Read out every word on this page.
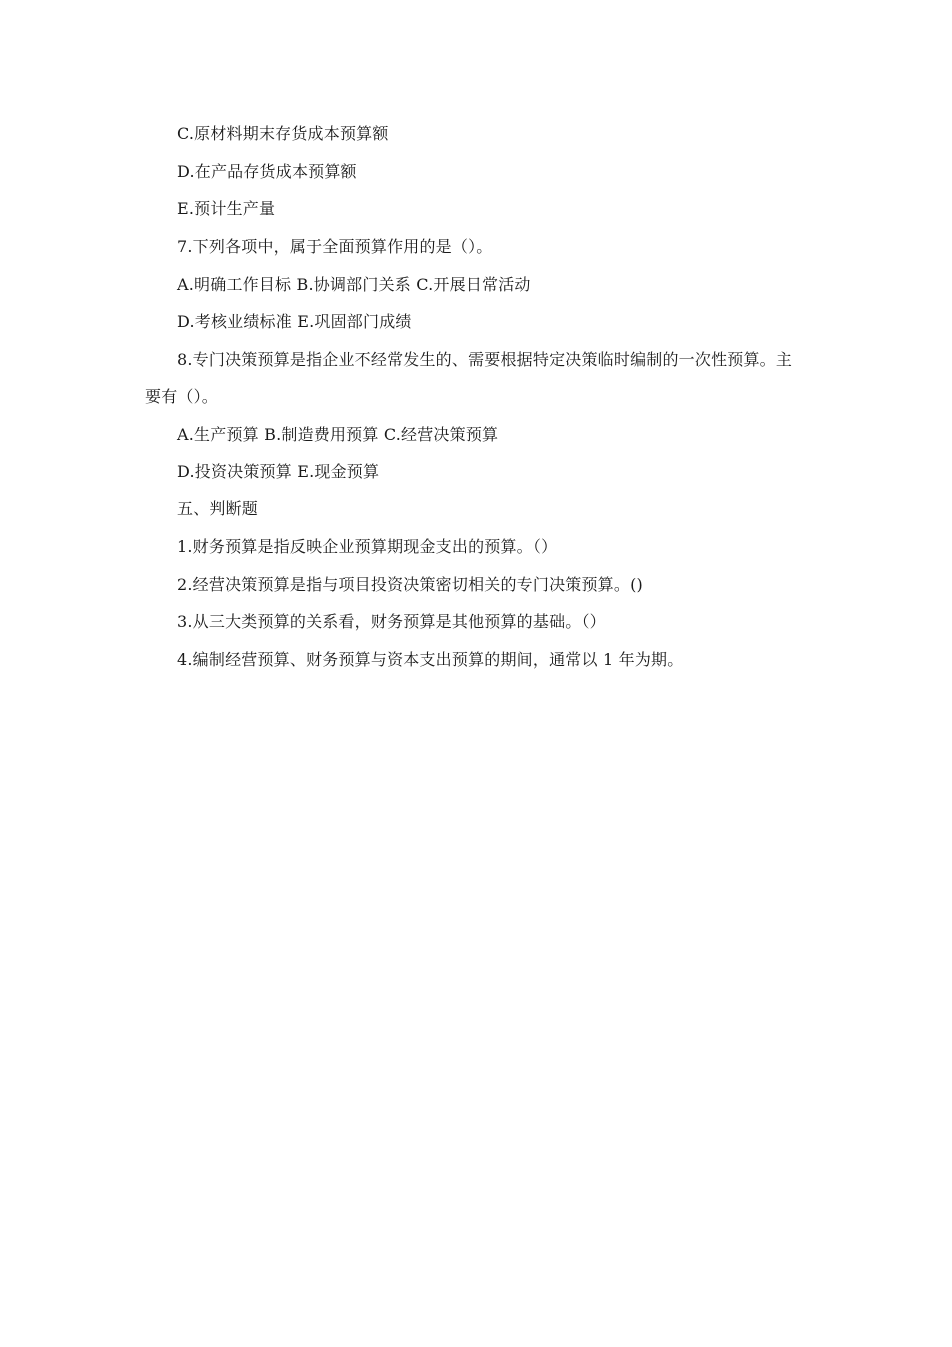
C.原材料期末存货成本预算额
D.在产品存货成本预算额
E.预计生产量
7.下列各项中，属于全面预算作用的是（）。
A.明确工作目标 B.协调部门关系 C.开展日常活动
D.考核业绩标准 E.巩固部门成绩
8.专门决策预算是指企业不经常发生的、需要根据特定决策临时编制的一次性预算。主
要有（）。
A.生产预算 B.制造费用预算 C.经营决策预算
D.投资决策预算 E.现金预算
五、判断题
1.财务预算是指反映企业预算期现金支出的预算。（）
2.经营决策预算是指与项目投资决策密切相关的专门决策预算。()
3.从三大类预算的关系看，财务预算是其他预算的基础。（）
4.编制经营预算、财务预算与资本支出预算的期间，通常以 1 年为期。
